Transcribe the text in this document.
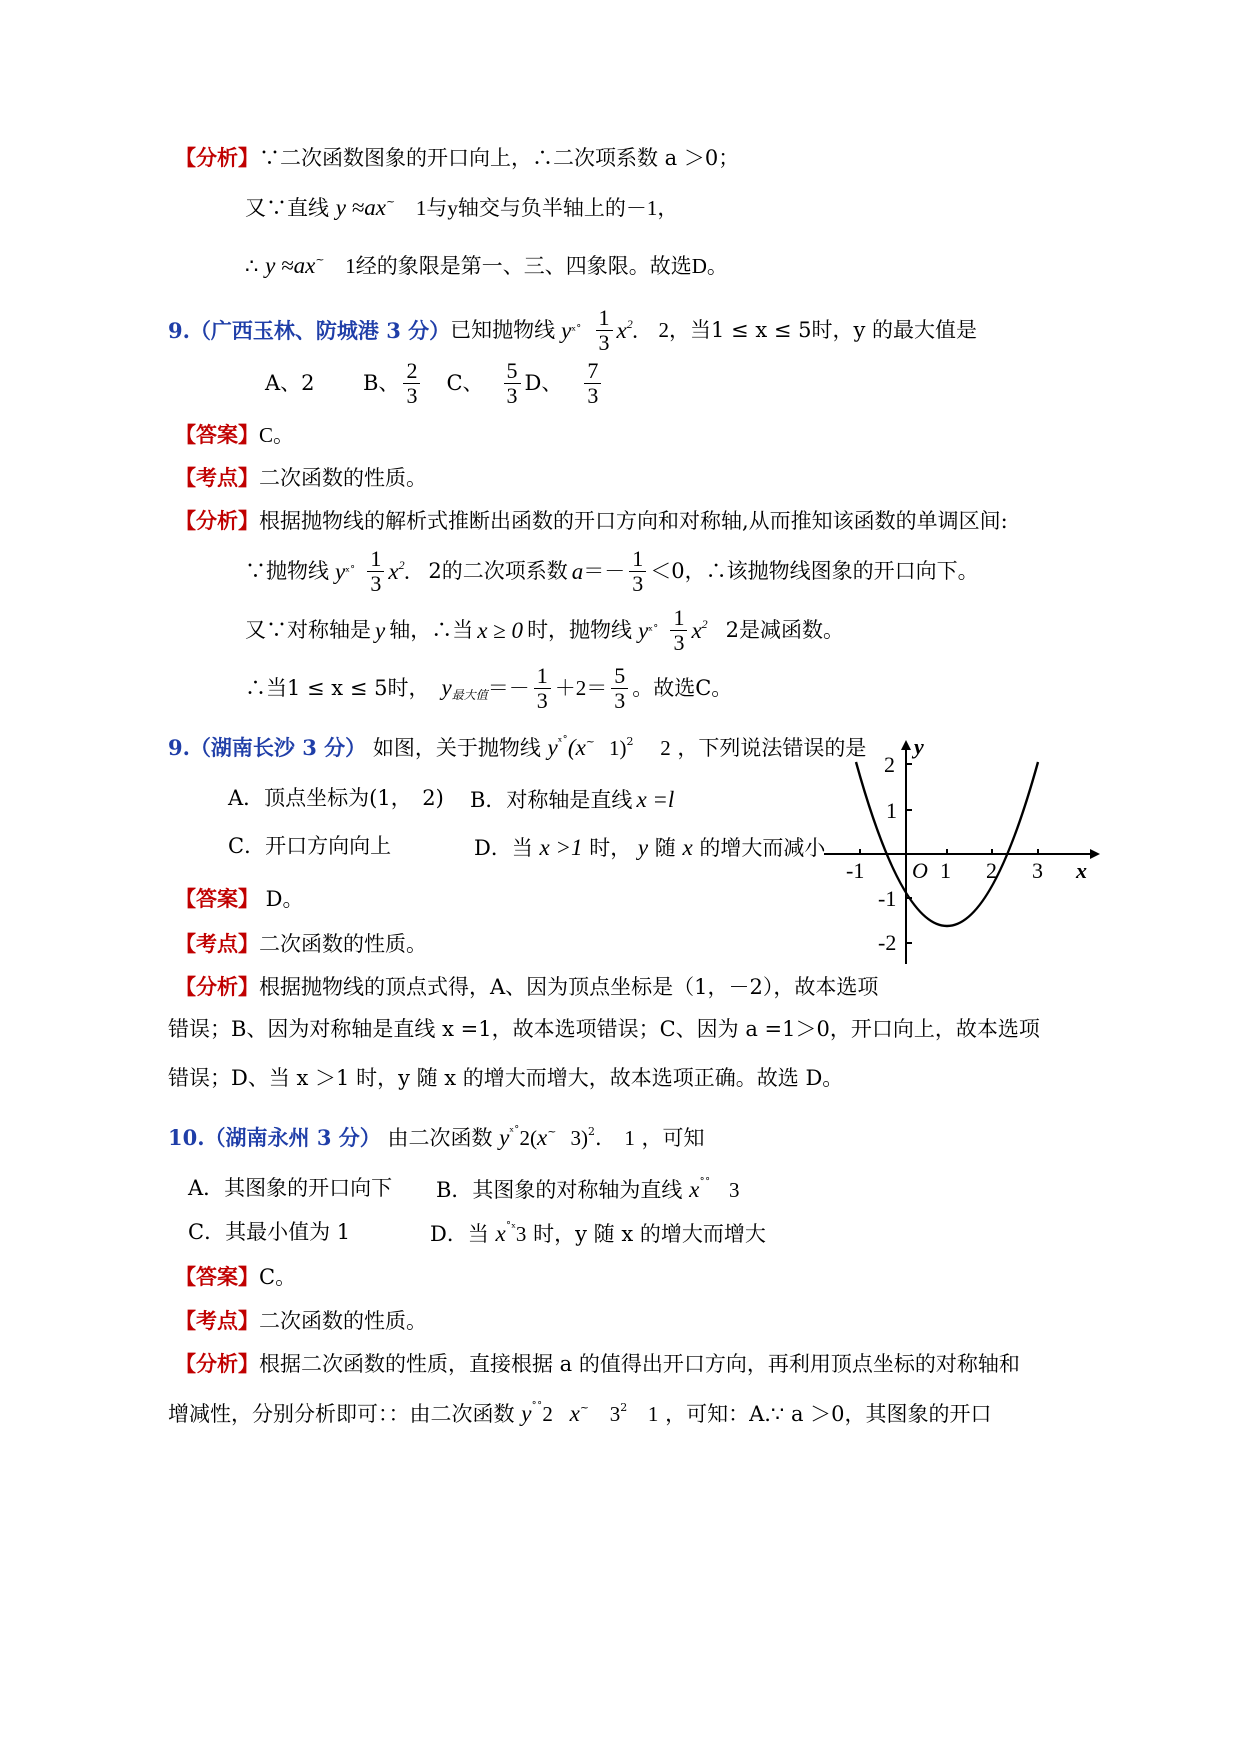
【分析】∵二次函数图象的开口向上，∴二次项系数 a ＞0；
又∵直线 y ≈ax~ 1与y轴交与负半轴上的－1，
∴ y ≈ax~ 1经的象限是第一、三、四象限。故选D。
9.（广西玉林、防城港 3 分） 已知抛物线 y ˣ˚ $\frac{1}{3} x^2$. 2 ，当1 ≤ x ≤ 5时，y 的最大值是
A、2	B、 $\frac{2}{3}$ C、 $\frac{5}{3}$ D、 $\frac{7}{3}$
【答案】C。
【考点】二次函数的性质。
【分析】根据抛物线的解析式推断出函数的开口方向和对称轴,从而推知该函数的单调区间:
∵抛物线 y ˣ˚ $\frac{1}{3} x^2$. 2的二次项系数 $a =- \frac{1}{3} <0$，∴该抛物线图象的开口向下。
又∵对称轴是 y 轴，∴当 x ≥ 0 时，抛物线 y ˣ˚ $\frac{1}{3} x^2$ 2是减函数。
∴当1 ≤ x ≤ 5时， $y_{最大值} =- \frac{1}{3} +2= \frac{5}{3}$ 。故选C。
9.（湖南长沙 3 分） 如图，关于抛物线 $y^{ˣ˚}(x^\sim$ 1)$^2$ 2 ，下列说法错误的是
A．顶点坐标为(1，　2) B．对称轴是直线 x =l
C．开口方向向上	D．当 x >1 时， y 随 x 的增大而减小
y
x
O
-1	1 2 3
2
1
-1
-2
【答案】 D。
【考点】二次函数的性质。
【分析】根据抛物线的顶点式得，A、因为顶点坐标是（1，－2），故本选项
错误；B、因为对称轴是直线 x =1，故本选项错误；C、因为 a =1＞0，开口向上，故本选项
错误；D、当 x ＞1 时，y 随 x 的增大而增大，故本选项正确。故选 D。
10.（湖南永州 3 分） 由二次函数 $y^{ˣ˚}2(x^\sim$ 3)$^2$. 1 ，可知
A．其图象的开口向下 B．其图象的对称轴为直线 x˚˚ 3
C．其最小值为 1	D．当 $x^{˚ˣ}3$ 时，y 随 x 的增大而增大
【答案】C。
【考点】二次函数的性质。
【分析】根据二次函数的性质，直接根据 a 的值得出开口方向，再利用顶点坐标的对称轴和
增减性，分别分析即可：：由二次函数 y˚˚2 x~ $3^2$ 1 ，可知：A.∵ a ＞0，其图象的开口
